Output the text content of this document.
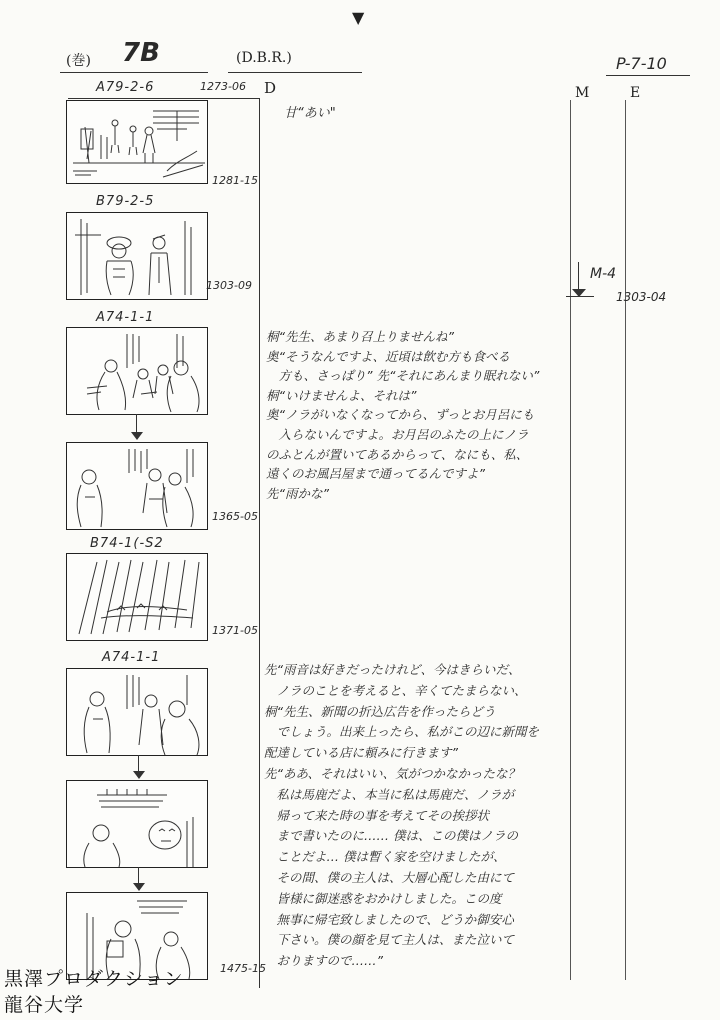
▼
(巻) 7B	(D.B.R.)	P-7-10
D	M	E
M-4
1303-04
A79-2-6	1273-06
1281-15
B79-2-5
1303-09
A74-1-1
1365-05
B74-1(-S2
1371-05
A74-1-1
1475-15
甘“あい"
桐“先生、あまり召上りませんね”
奥“そうなんですよ、近頃は飲む方も食べる
　方も、さっぱり” 先“それにあんまり眠れない”
桐“いけませんよ、それは”
奥“ノラがいなくなってから、ずっとお月呂にも
　入らないんですよ。お月呂のふたの上にノラ
のふとんが置いてあるからって、なにも、私、
遠くのお風呂屋まで通ってるんですよ”
先“雨かな”
先“雨音は好きだったけれど、今はきらいだ、
　ノラのことを考えると、辛くてたまらない、
桐“先生、新聞の折込広告を作ったらどう
　でしょう。出来上ったら、私がこの辺に新聞を
配達している店に頼みに行きます”
先“ああ、それはいい、気がつかなかったな？
　私は馬鹿だよ、本当に私は馬鹿だ、ノラが
　帰って来た時の事を考えてその挨拶状
　まで書いたのに…… 僕は、この僕はノラの
　ことだよ… 僕は暫く家を空けましたが、
　その間、僕の主人は、大層心配した由にて
　皆様に御迷惑をおかけしました。この度
　無事に帰宅致しましたので、どうか御安心
　下さい。僕の顔を見て主人は、また泣いて
　おりますので……”
黒澤プロダクション
龍谷大学
